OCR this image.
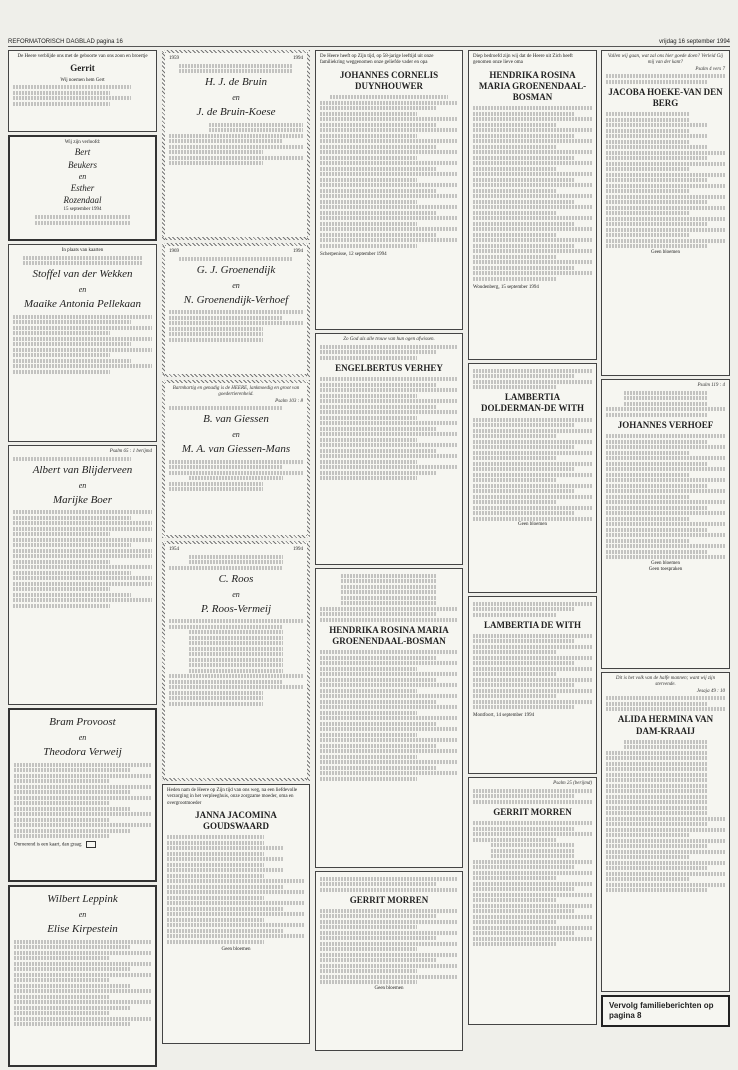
REFORMATORISCH DAGBLAD pagina 16	vrijdag 16 september 1994
De Heere verblijde ons met de geboorte van ons zoon en broertje
Gerrit
Wij noemen hem Gert
Wij zijn verloofd:
Bert
Beukers
en
Esther
Rozendaal
15 september 1994
In plaats van kaarten
Stoffel van der Wekken
en
Maaike Antonia Pellekaan
Psalm 65 : 1 berijmd
Albert van Blijderveen
en
Marijke Boer
Bram Provoost
en
Theodora Verweij
Onroerend is een kaart, dan graag
Wilbert Leppink
en
Elise Kirpestein
1959	1994
H. J. de Bruin
en
J. de Bruin-Koese
1969	1994
G. J. Groenendijk
en
N. Groenendijk-Verhoef
Barmhartig en genadig is de HEERE, lankmoedig en groot van goedertierenheid.
Psalm 103 : 8
B. van Giessen
en
M. A. van Giessen-Mans
1954	1994
C. Roos
en
P. Roos-Vermeij
Heden nam de Heere op Zijn tijd van ons weg, na een liefdevolle verzorging in het verpleeghuis, onze zorgzame moeder, oma en overgrootmoeder
JANNA JACOMINA GOUDSWAARD
Geen bloemen
De Heere heeft op Zijn tijd, op 58-jarige leeftijd uit onze familiekring weggenomen onze geliefde vader en opa
JOHANNES CORNELIS DUYNHOUWER
Scherpenisse, 12 september 1994
Zo God als alle trouw van hun ogen afwissen.
ENGELBERTUS VERHEY
HENDRIKA ROSINA MARIA GROENENDAAL-BOSMAN
GERRIT MORREN
Geen bloemen
Diep bedroefd zijn wij dat de Heere uit Zich heeft genomen onze lieve oma
HENDRIKA ROSINA MARIA GROENENDAAL-BOSMAN
Woudenberg, 15 september 1994
LAMBERTIA DOLDERMAN-DE WITH
Geen bloemen
LAMBERTIA DE WITH
Montfoort, 14 september 1994
Psalm 25 (berijmd)
GERRIT MORREN
Vallen wij gaan, wat zal ons hier goede doen? Verleid Gij mij van der kant?
Psalm 4 vers 7
JACOBA HOEKE-VAN DEN BERG
Geen bloemen
Psalm 119 : 4
JOHANNES VERHOEF
Geen bloemen
Geen toespraken
Dit is het volk van de halfe mannen; want wij zijn stervende.
Jesaja 49 : 10
ALIDA HERMINA VAN DAM-KRAAIJ
Vervolg familieberichten op pagina 8
